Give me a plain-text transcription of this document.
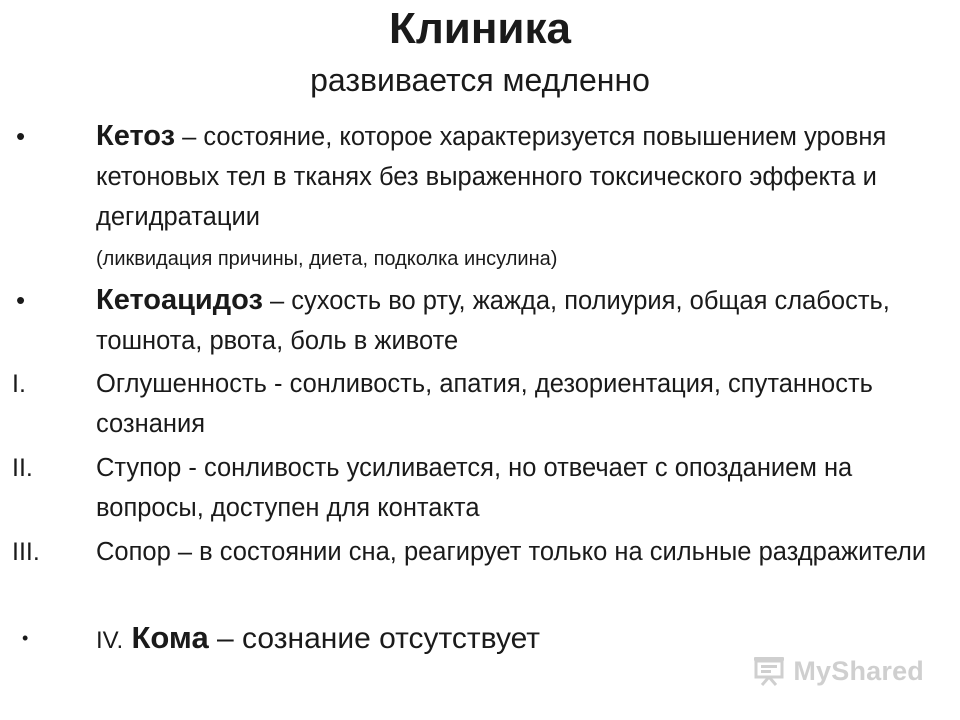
Клиника
развивается медленно
• Кетоз – состояние, которое характеризуется повышением уровня кетоновых тел в тканях без выраженного токсического эффекта и дегидратации
(ликвидация причины, диета, подколка инсулина)
• Кетоацидоз – сухость во рту, жажда, полиурия, общая слабость, тошнота, рвота, боль в животе
I.	Оглушенность - сонливость, апатия, дезориентация, спутанность сознания
II. Ступор - сонливость усиливается, но отвечает с опозданием на вопросы, доступен для контакта
III. Сопор – в состоянии сна, реагирует только на сильные раздражители
•	IV. Кома – сознание отсутствует
MyShared
